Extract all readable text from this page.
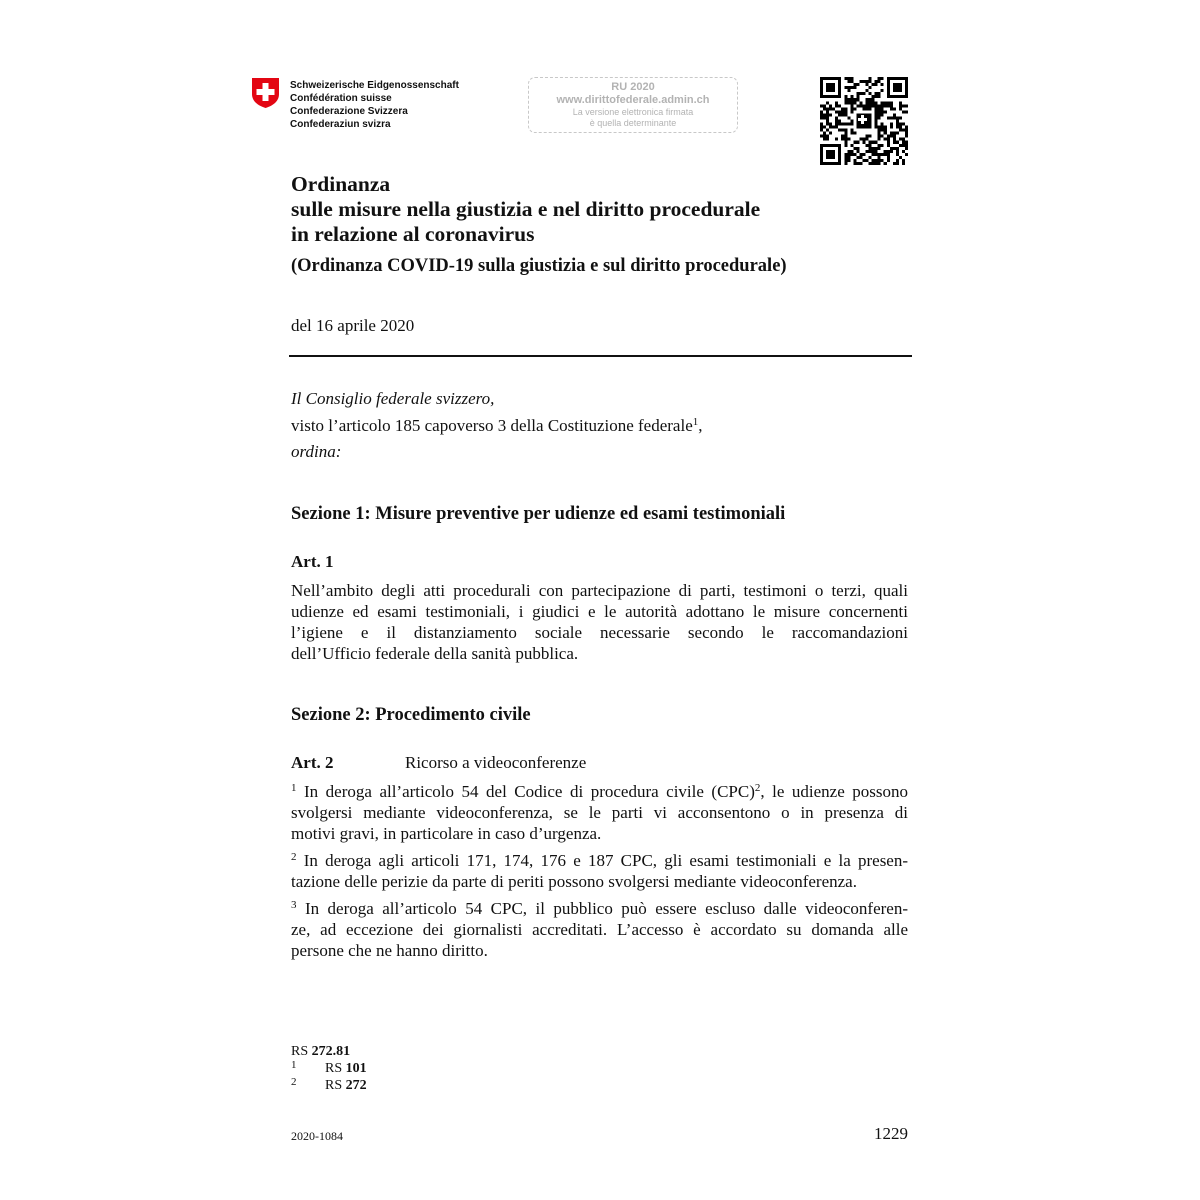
Schweizerische Eidgenossenschaft
Confédération suisse
Confederazione Svizzera
Confederaziun svizra
RU 2020
www.dirittofederale.admin.ch
La versione elettronica firmata
è quella determinante
Ordinanza
sulle misure nella giustizia e nel diritto procedurale
in relazione al coronavirus
(Ordinanza COVID-19 sulla giustizia e sul diritto procedurale)
del 16 aprile 2020
Il Consiglio federale svizzero,
visto l’articolo 185 capoverso 3 della Costituzione federale$^1$,
ordina:
Sezione 1: Misure preventive per udienze ed esami testimoniali
Art. 1
Nell’ambito degli atti procedurali con partecipazione di parti, testimoni o terzi, quali
udienze ed esami testimoniali, i giudici e le autorità adottano le misure concernenti
l’igiene e il distanziamento sociale necessarie secondo le raccomandazioni
dell’Ufficio federale della sanità pubblica.
Sezione 2: Procedimento civile
Art. 2	Ricorso a videoconferenze
$^1$ In deroga all’articolo 54 del Codice di procedura civile (CPC)$^2$, le udienze possono
svolgersi mediante videoconferenza, se le parti vi acconsentono o in presenza di
motivi gravi, in particolare in caso d’urgenza.
$^2$ In deroga agli articoli 171, 174, 176 e 187 CPC, gli esami testimoniali e la presen-
tazione delle perizie da parte di periti possono svolgersi mediante videoconferenza.
$^3$ In deroga all’articolo 54 CPC, il pubblico può essere escluso dalle videoconferen-
ze, ad eccezione dei giornalisti accreditati. L’accesso è accordato su domanda alle
persone che ne hanno diritto.
RS 272.81
1 RS 101
2 RS 272
2020-1084	1229
